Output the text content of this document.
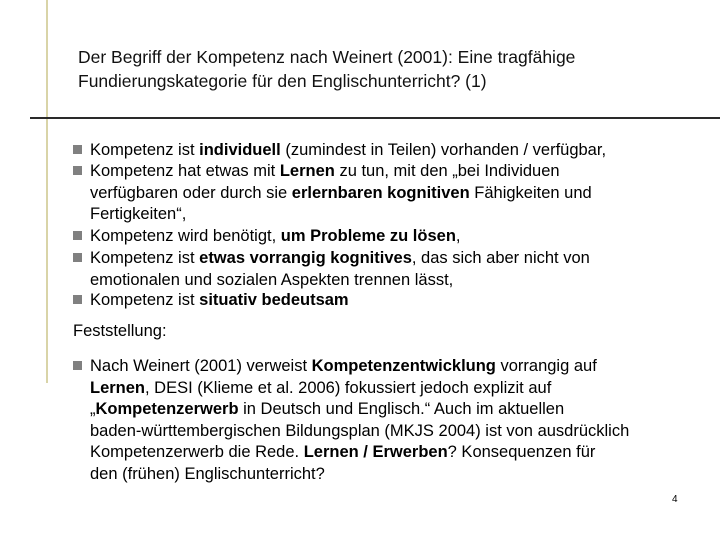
Der Begriff der Kompetenz nach Weinert (2001): Eine tragfähige
Fundierungskategorie für den Englischunterricht? (1)
Kompetenz ist individuell (zumindest in Teilen) vorhanden / verfügbar,
Kompetenz hat etwas mit Lernen zu tun, mit den „bei Individuen
verfügbaren oder durch sie erlernbaren kognitiven Fähigkeiten und
Fertigkeiten“,
Kompetenz wird benötigt, um Probleme zu lösen,
Kompetenz ist etwas vorrangig kognitives, das sich aber nicht von
emotionalen und sozialen Aspekten trennen lässt,
Kompetenz ist situativ bedeutsam
Feststellung:
Nach Weinert (2001) verweist Kompetenzentwicklung vorrangig auf
Lernen, DESI (Klieme et al. 2006) fokussiert jedoch explizit auf
„Kompetenzerwerb in Deutsch und Englisch.“ Auch im aktuellen
baden-württembergischen Bildungsplan (MKJS 2004) ist von ausdrücklich
Kompetenzerwerb die Rede. Lernen / Erwerben? Konsequenzen für
den (frühen) Englischunterricht?
4
